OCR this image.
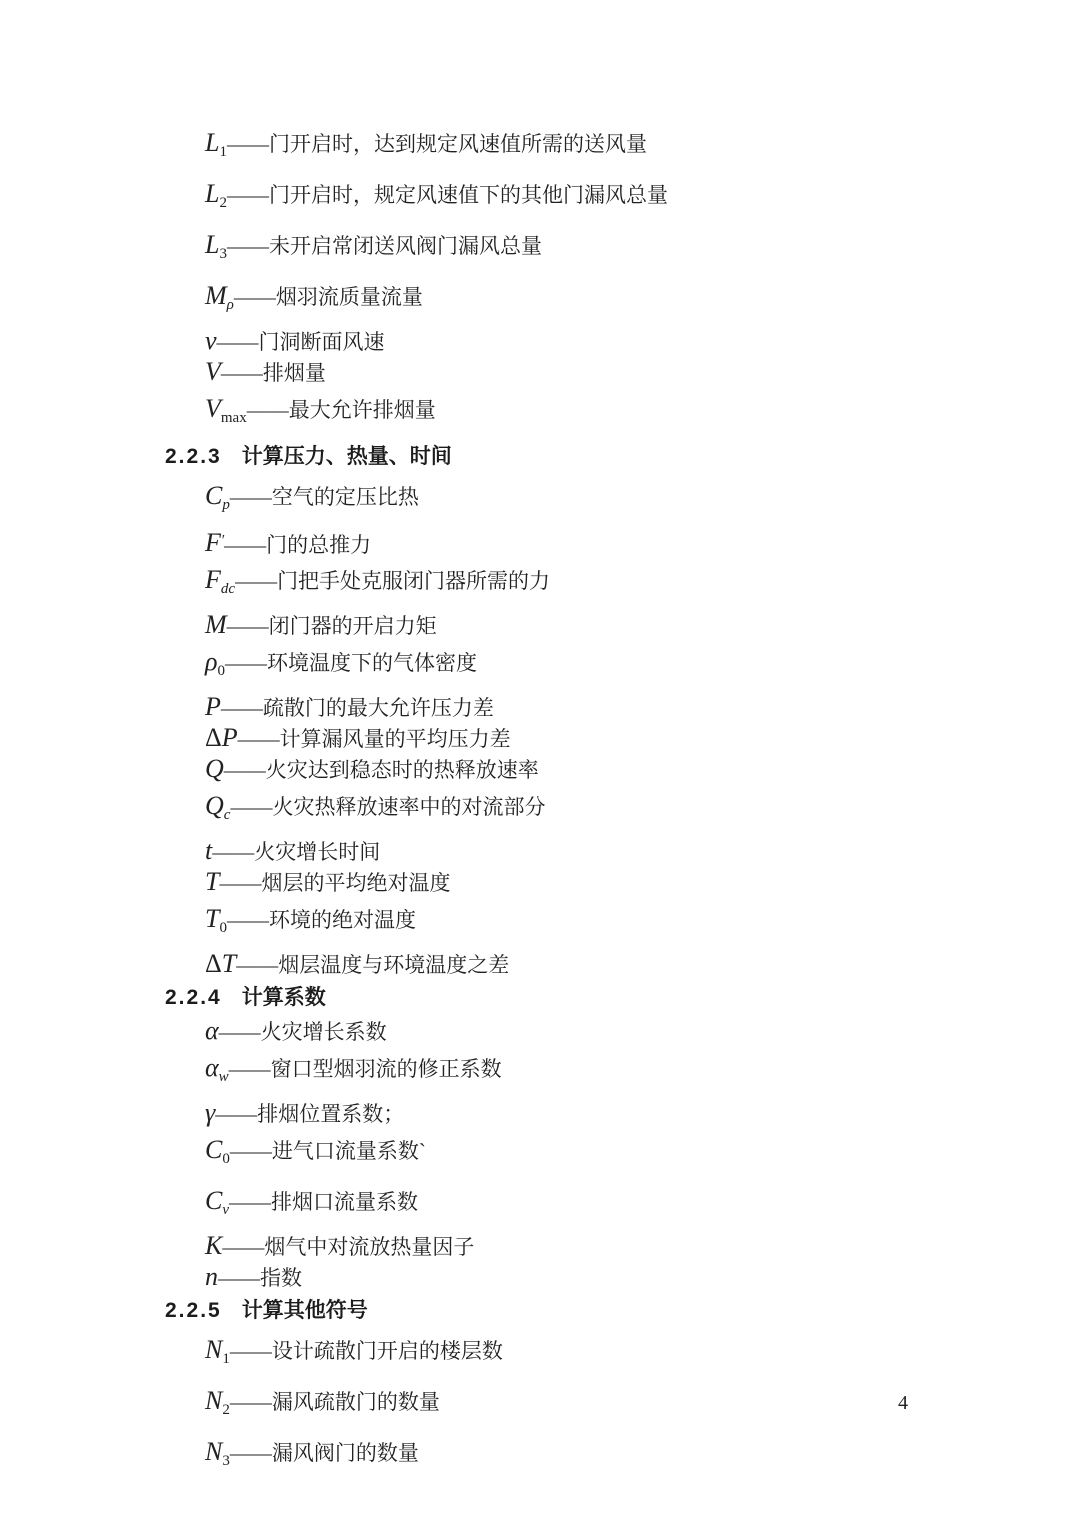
$L_1——$门开启时，达到规定风速值所需的送风量
$L_2——$门开启时，规定风速值下的其他门漏风总量
$L_3——$未开启常闭送风阀门漏风总量
$M_\rho——$烟羽流质量流量
v——门洞断面风速
V——排烟量
$V_{max}——$最大允许排烟量
2.2.3 计算压力、热量、时间
$C_p——$空气的定压比热
F′——门的总推力
$F_{dc}——$门把手处克服闭门器所需的力
M——闭门器的开启力矩
$\rho_0——$环境温度下的气体密度
P——疏散门的最大允许压力差
ΔP——计算漏风量的平均压力差
Q——火灾达到稳态时的热释放速率
$Q_c——$火灾热释放速率中的对流部分
t——火灾增长时间
T——烟层的平均绝对温度
$T_0——$环境的绝对温度
ΔT——烟层温度与环境温度之差
2.2.4 计算系数
α——火灾增长系数
$\alpha_w——$窗口型烟羽流的修正系数
γ——排烟位置系数；
$C_0——$进气口流量系数`
$C_v——$排烟口流量系数
K——烟气中对流放热量因子
n——指数
2.2.5 计算其他符号
$N_1——$设计疏散门开启的楼层数
$N_2——$漏风疏散门的数量
$N_3——$漏风阀门的数量
4
